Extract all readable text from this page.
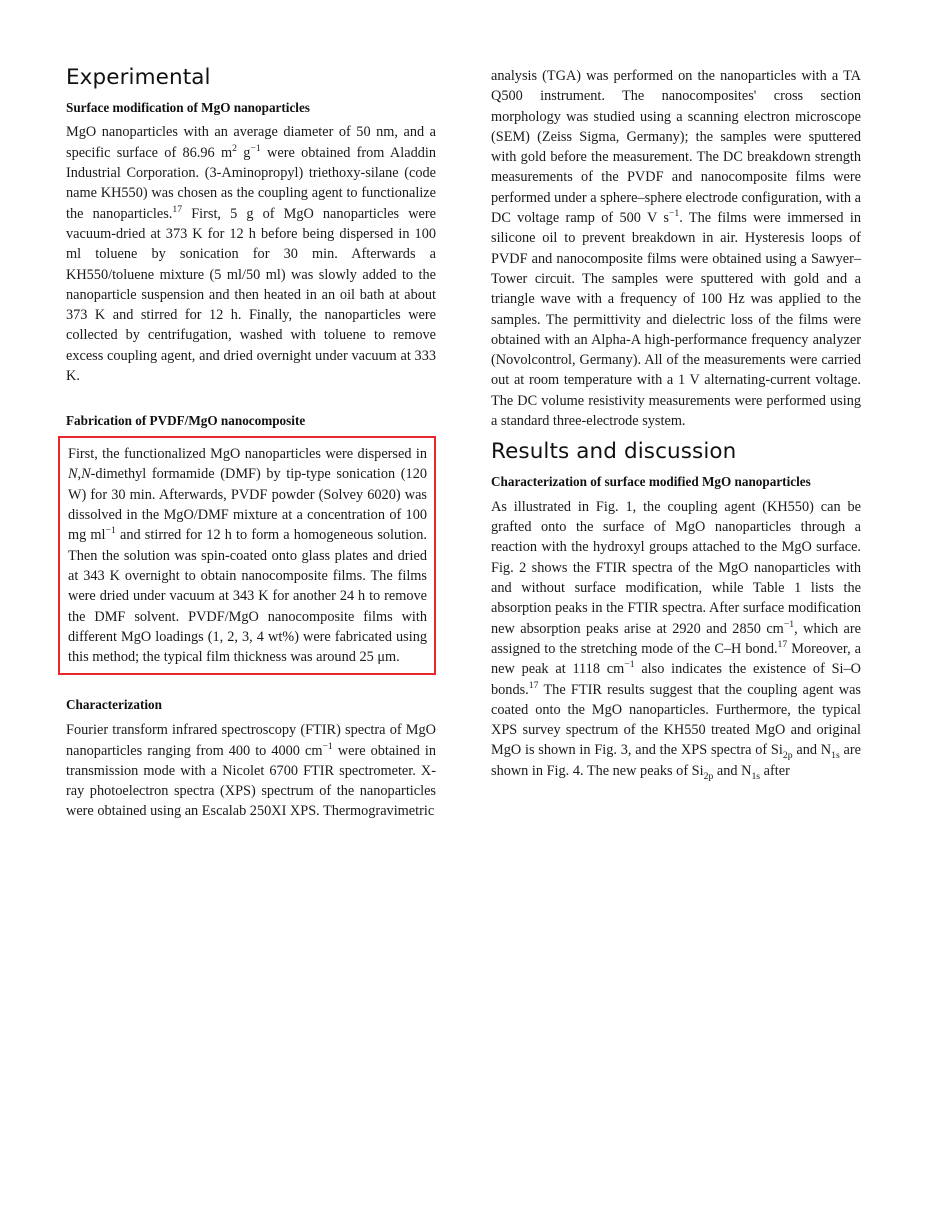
Experimental
Surface modification of MgO nanoparticles

MgO nanoparticles with an average diameter of 50 nm, and a specific surface of 86.96 $m^2$ $g^{-1}$ were obtained from Aladdin Industrial Corporation. (3-Aminopropyl) triethoxy-silane (code name KH550) was chosen as the coupling agent to functionalize the nanoparticles.$^{17}$ First, 5 g of MgO nanoparticles were vacuum-dried at 373 K for 12 h before being dispersed in 100 ml toluene by sonication for 30 min. Afterwards a KH550/toluene mixture (5 ml/50 ml) was slowly added to the nanoparticle suspension and then heated in an oil bath at about 373 K and stirred for 12 h. Finally, the nanoparticles were collected by centrifugation, washed with toluene to remove excess coupling agent, and dried overnight under vacuum at 333 K.

Fabrication of PVDF/MgO nanocomposite

First, the functionalized MgO nanoparticles were dispersed in N,N-dimethyl formamide (DMF) by tip-type sonication (120 W) for 30 min. Afterwards, PVDF powder (Solvey 6020) was dissolved in the MgO/DMF mixture at a concentration of 100 mg $ml^{-1}$ and stirred for 12 h to form a homogeneous solution. Then the solution was spin-coated onto glass plates and dried at 343 K overnight to obtain nanocomposite films. The films were dried under vacuum at 343 K for another 24 h to remove the DMF solvent. PVDF/MgO nanocomposite films with different MgO loadings (1, 2, 3, 4 wt%) were fabricated using this method; the typical film thickness was around 25 μm.

Characterization

Fourier transform infrared spectroscopy (FTIR) spectra of MgO nanoparticles ranging from 400 to 4000 $cm^{-1}$ were obtained in transmission mode with a Nicolet 6700 FTIR spectrometer. X-ray photoelectron spectra (XPS) spectrum of the nanoparticles were obtained using an Escalab 250XI XPS. Thermogravimetric

analysis (TGA) was performed on the nanoparticles with a TA Q500 instrument. The nanocomposites' cross section morphology was studied using a scanning electron microscope (SEM) (Zeiss Sigma, Germany); the samples were sputtered with gold before the measurement. The DC breakdown strength measurements of the PVDF and nanocomposite films were performed under a sphere–sphere electrode configuration, with a DC voltage ramp of 500 V $s^{-1}$. The films were immersed in silicone oil to prevent breakdown in air. Hysteresis loops of PVDF and nanocomposite films were obtained using a Sawyer–Tower circuit. The samples were sputtered with gold and a triangle wave with a frequency of 100 Hz was applied to the samples. The permittivity and dielectric loss of the films were obtained with an Alpha-A high-performance frequency analyzer (Novolcontrol, Germany). All of the measurements were carried out at room temperature with a 1 V alternating-current voltage. The DC volume resistivity measurements were performed using a standard three-electrode system.

Results and discussion
Characterization of surface modified MgO nanoparticles

As illustrated in Fig. 1, the coupling agent (KH550) can be grafted onto the surface of MgO nanoparticles through a reaction with the hydroxyl groups attached to the MgO surface. Fig. 2 shows the FTIR spectra of the MgO nanoparticles with and without surface modification, while Table 1 lists the absorption peaks in the FTIR spectra. After surface modification new absorption peaks arise at 2920 and 2850 $cm^{-1}$, which are assigned to the stretching mode of the C–H bond.$^{17}$ Moreover, a new peak at 1118 $cm^{-1}$ also indicates the existence of Si–O bonds.$^{17}$ The FTIR results suggest that the coupling agent was coated onto the MgO nanoparticles. Furthermore, the typical XPS survey spectrum of the KH550 treated MgO and original MgO is shown in Fig. 3, and the XPS spectra of $Si_{2p}$ and $N_{1s}$ are shown in Fig. 4. The new peaks of $Si_{2p}$ and $N_{1s}$ after
